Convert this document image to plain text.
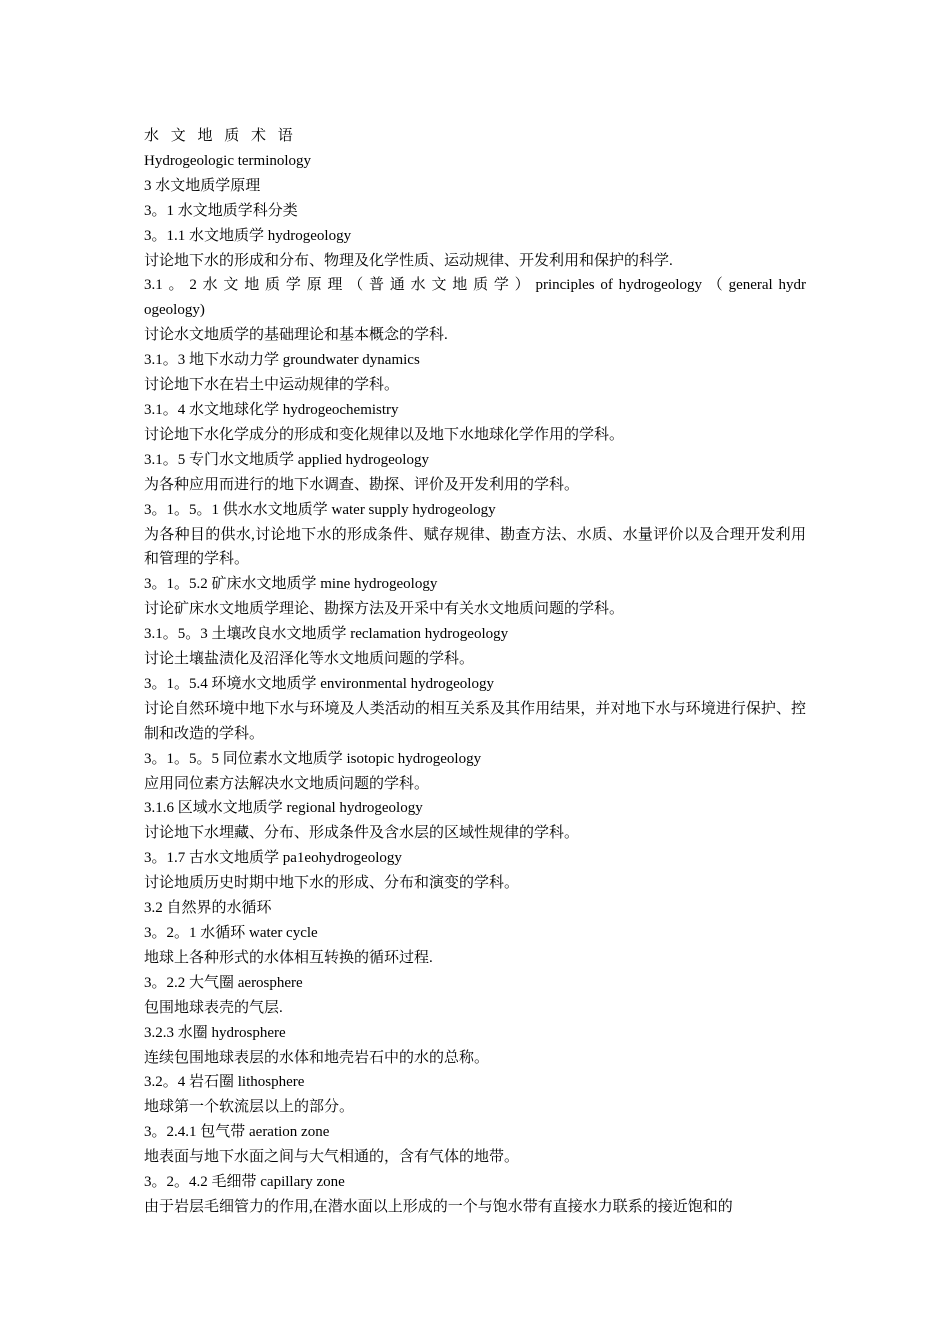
水 文 地 质 术 语

Hydrogeologic terminology

3 水文地质学原理

3。1 水文地质学科分类

3。1.1 水文地质学 hydrogeology

讨论地下水的形成和分布、物理及化学性质、运动规律、开发利用和保护的科学.

3.1 。 2 水 文 地 质 学 原 理 （ 普 通 水 文 地 质 学 ） principles of hydrogeology （ general hydrogeology)

讨论水文地质学的基础理论和基本概念的学科.

3.1。3 地下水动力学 groundwater dynamics

讨论地下水在岩土中运动规律的学科。

3.1。4 水文地球化学 hydrogeochemistry

讨论地下水化学成分的形成和变化规律以及地下水地球化学作用的学科。

3.1。5 专门水文地质学 applied hydrogeology

为各种应用而进行的地下水调查、勘探、评价及开发利用的学科。

3。1。5。1 供水水文地质学 water supply hydrogeology

为各种目的供水,讨论地下水的形成条件、赋存规律、勘查方法、水质、水量评价以及合理开发利用和管理的学科。

3。1。5.2 矿床水文地质学 mine hydrogeology

讨论矿床水文地质学理论、勘探方法及开采中有关水文地质问题的学科。

3.1。5。3 土壤改良水文地质学 reclamation hydrogeology

讨论土壤盐渍化及沼泽化等水文地质问题的学科。

3。1。5.4 环境水文地质学 environmental hydrogeology

讨论自然环境中地下水与环境及人类活动的相互关系及其作用结果，并对地下水与环境进行保护、控制和改造的学科。

3。1。5。5 同位素水文地质学 isotopic hydrogeology

应用同位素方法解决水文地质问题的学科。

3.1.6 区域水文地质学 regional hydrogeology

讨论地下水埋藏、分布、形成条件及含水层的区域性规律的学科。

3。1.7 古水文地质学 pa1eohydrogeology

讨论地质历史时期中地下水的形成、分布和演变的学科。

3.2 自然界的水循环

3。2。1 水循环 water cycle

地球上各种形式的水体相互转换的循环过程.

3。2.2 大气圈 aerosphere

包围地球表壳的气层.

3.2.3 水圈 hydrosphere

连续包围地球表层的水体和地壳岩石中的水的总称。

3.2。4 岩石圈 lithosphere

地球第一个软流层以上的部分。

3。2.4.1 包气带 aeration zone

地表面与地下水面之间与大气相通的，含有气体的地带。

3。2。4.2 毛细带 capillary zone

由于岩层毛细管力的作用,在潜水面以上形成的一个与饱水带有直接水力联系的接近饱和的
